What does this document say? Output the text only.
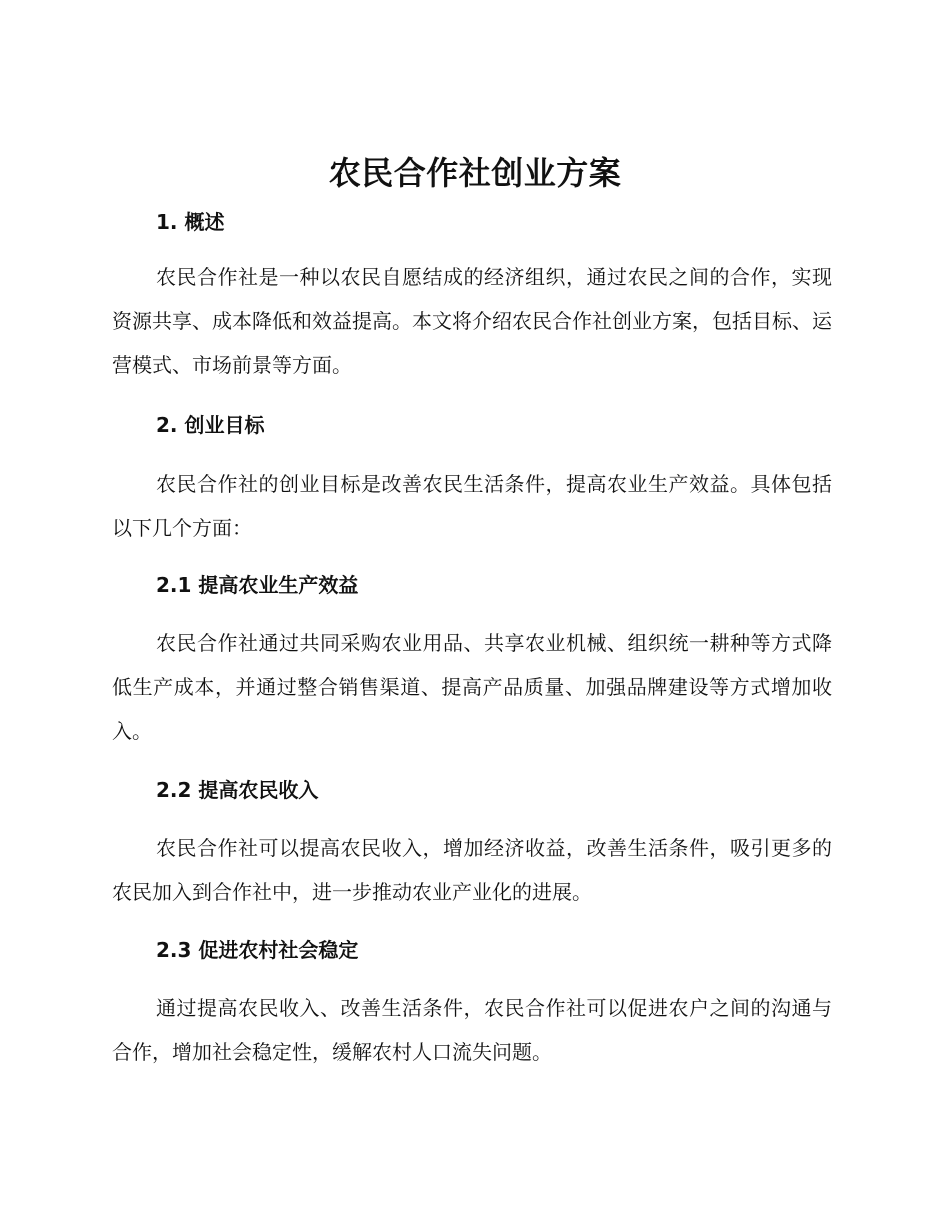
农民合作社创业方案
1. 概述
农民合作社是一种以农民自愿结成的经济组织，通过农民之间的合作，实现资源共享、成本降低和效益提高。本文将介绍农民合作社创业方案，包括目标、运营模式、市场前景等方面。
2. 创业目标
农民合作社的创业目标是改善农民生活条件，提高农业生产效益。具体包括以下几个方面：
2.1 提高农业生产效益
农民合作社通过共同采购农业用品、共享农业机械、组织统一耕种等方式降低生产成本，并通过整合销售渠道、提高产品质量、加强品牌建设等方式增加收入。
2.2 提高农民收入
农民合作社可以提高农民收入，增加经济收益，改善生活条件，吸引更多的农民加入到合作社中，进一步推动农业产业化的进展。
2.3 促进农村社会稳定
通过提高农民收入、改善生活条件，农民合作社可以促进农户之间的沟通与合作，增加社会稳定性，缓解农村人口流失问题。
